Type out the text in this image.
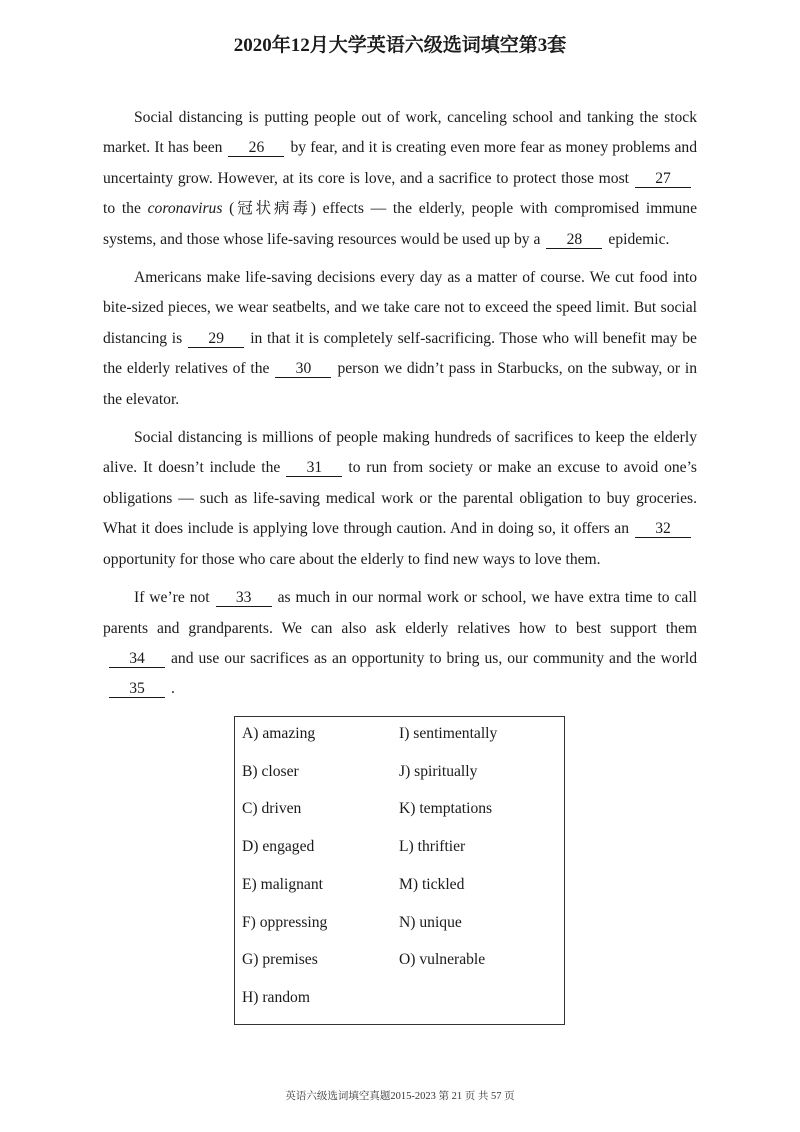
2020年12月大学英语六级选词填空第3套

Social distancing is putting people out of work, canceling school and tanking the stock market. It has been 26 by fear, and it is creating even more fear as money problems and uncertainty grow. However, at its core is love, and a sacrifice to protect those most 27to the coronavirus (冠状病毒) effects — the elderly, people with compromised immune systems, and those whose life-saving resources would be used up by a 28 epidemic.

Americans make life-saving decisions every day as a matter of course. We cut food into bite-sized pieces, we wear seatbelts, and we take care not to exceed the speed limit. But social distancing is 29 in that it is completely self-sacrificing. Those who will benefit may be the elderly relatives of the 30 person we didn’t pass in Starbucks, on the subway, or in the elevator.

Social distancing is millions of people making hundreds of sacrifices to keep the elderly alive. It doesn’t include the 31 to run from society or make an excuse to avoid one’s obligations — such as life-saving medical work or the parental obligation to buy groceries. What it does include is applying love through caution. And in doing so, it offers an 32opportunity for those who care about the elderly to find new ways to love them.

If we’re not 33 as much in our normal work or school, we have extra time to call parents and grandparents. We can also ask elderly relatives how to best support them34 and use our sacrifices as an opportunity to bring us, our community and the world35 .

A) amazing
B) closer
C) driven
D) engaged
E) malignant
F) oppressing
G) premises
H) random
I) sentimentally
J) spiritually
K) temptations
L) thriftier
M) tickled
N) unique
O) vulnerable
英语六级选词填空真题2015-2023 第 21 页 共 57 页
